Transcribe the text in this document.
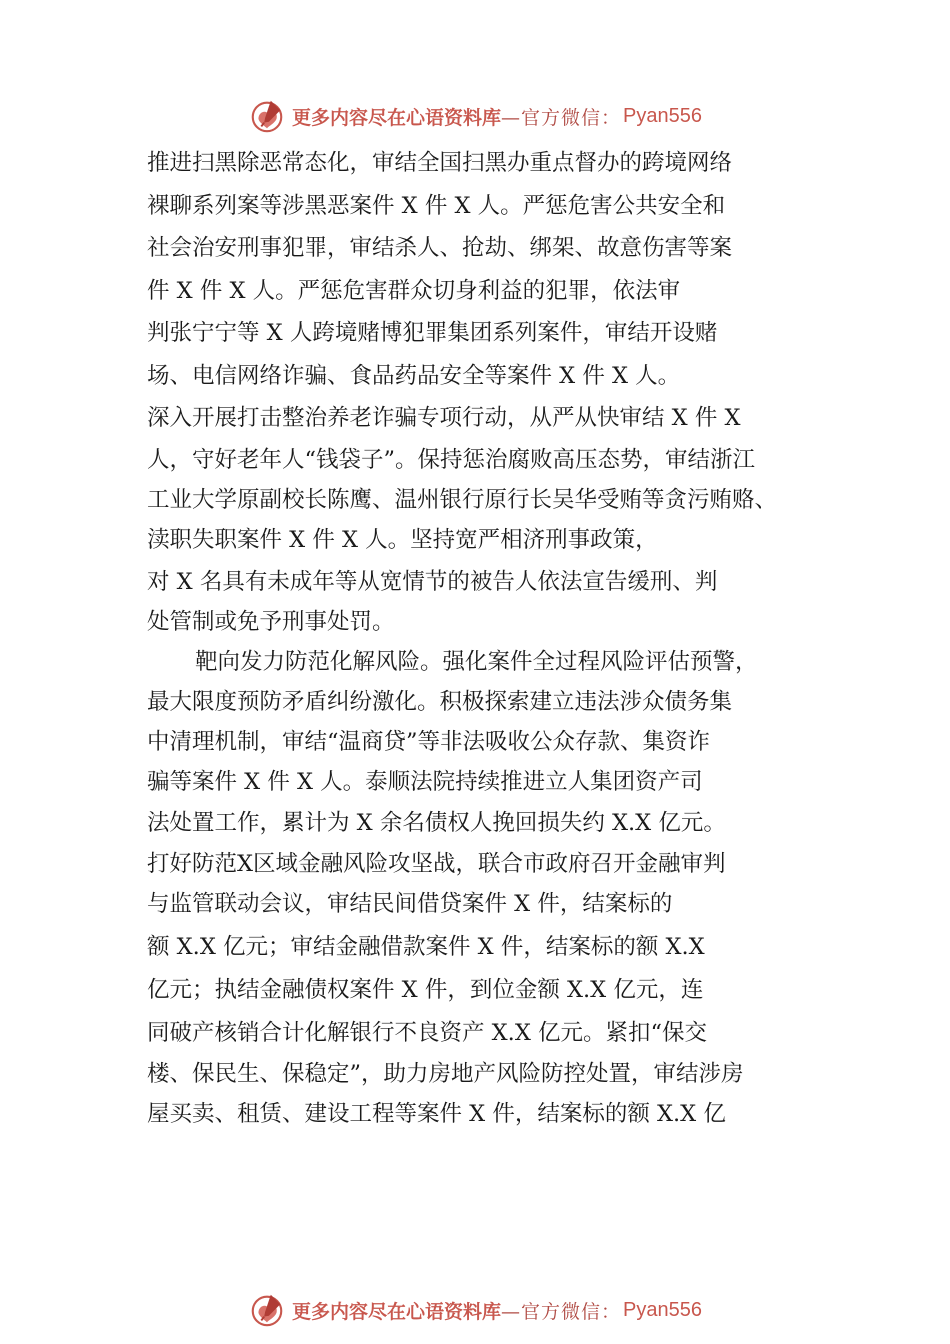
更多内容尽在心语资料库 —官方微信： Pyan556
推进扫黑除恶常态化，审结全国扫黑办重点督办的跨境网络
裸聊系列案等涉黑恶案件 X 件 X 人。严惩危害公共安全和
社会治安刑事犯罪，审结杀人、抢劫、绑架、故意伤害等案
件 X 件 X 人。严惩危害群众切身利益的犯罪，依法审
判张宁宁等 X 人跨境赌博犯罪集团系列案件，审结开设赌
场、电信网络诈骗、食品药品安全等案件 X 件 X 人。
深入开展打击整治养老诈骗专项行动，从严从快审结 X 件 X
人，守好老年人“钱袋子”。保持惩治腐败高压态势，审结浙江
工业大学原副校长陈鹰、温州银行原行长吴华受贿等贪污贿赂、
渎职失职案件 X 件 X 人。坚持宽严相济刑事政策，
对 X 名具有未成年等从宽情节的被告人依法宣告缓刑、判
处管制或免予刑事处罚。
靶向发力防范化解风险。强化案件全过程风险评估预警，
最大限度预防矛盾纠纷激化。积极探索建立违法涉众债务集
中清理机制，审结“温商贷”等非法吸收公众存款、集资诈
骗等案件 X 件 X 人。泰顺法院持续推进立人集团资产司
法处置工作，累计为 X 余名债权人挽回损失约 X.X 亿元。
打好防范X区域金融风险攻坚战，联合市政府召开金融审判
与监管联动会议，审结民间借贷案件 X 件，结案标的
额 X.X 亿元；审结金融借款案件 X 件，结案标的额 X.X
亿元；执结金融债权案件 X 件，到位金额 X.X 亿元，连
同破产核销合计化解银行不良资产 X.X 亿元。紧扣“保交
楼、保民生、保稳定”，助力房地产风险防控处置，审结涉房
屋买卖、租赁、建设工程等案件 X 件，结案标的额 X.X 亿
更多内容尽在心语资料库 —官方微信： Pyan556
